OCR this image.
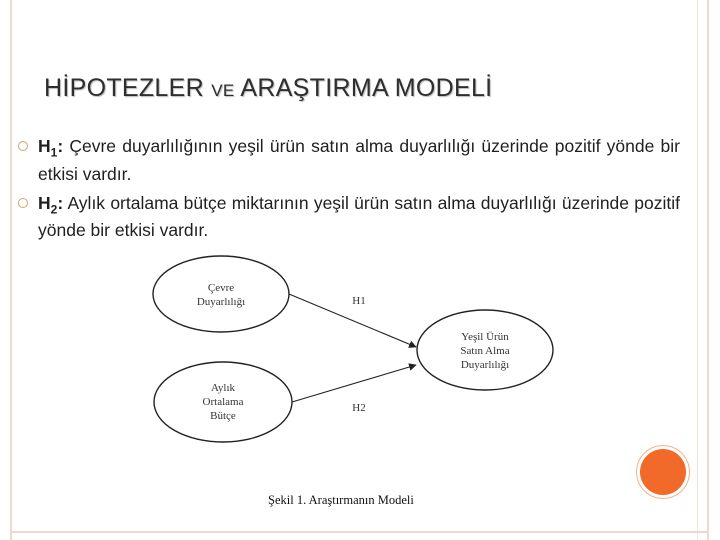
HİPOTEZLER VE ARAŞTIRMA MODELİ
$H_1$: Çevre duyarlılığının yeşil ürün satın alma duyarlılığı üzerinde pozitif yönde bir etkisi vardır.
$H_2$: Aylık ortalama bütçe miktarının yeşil ürün satın alma duyarlılığı üzerinde pozitif yönde bir etkisi vardır.
Çevre
Duyarlılığı
Aylık
Ortalama
Bütçe
Yeşil Ürün
Satın Alma
Duyarlılığı
H1
H2
Şekil 1. Araştırmanın Modeli
